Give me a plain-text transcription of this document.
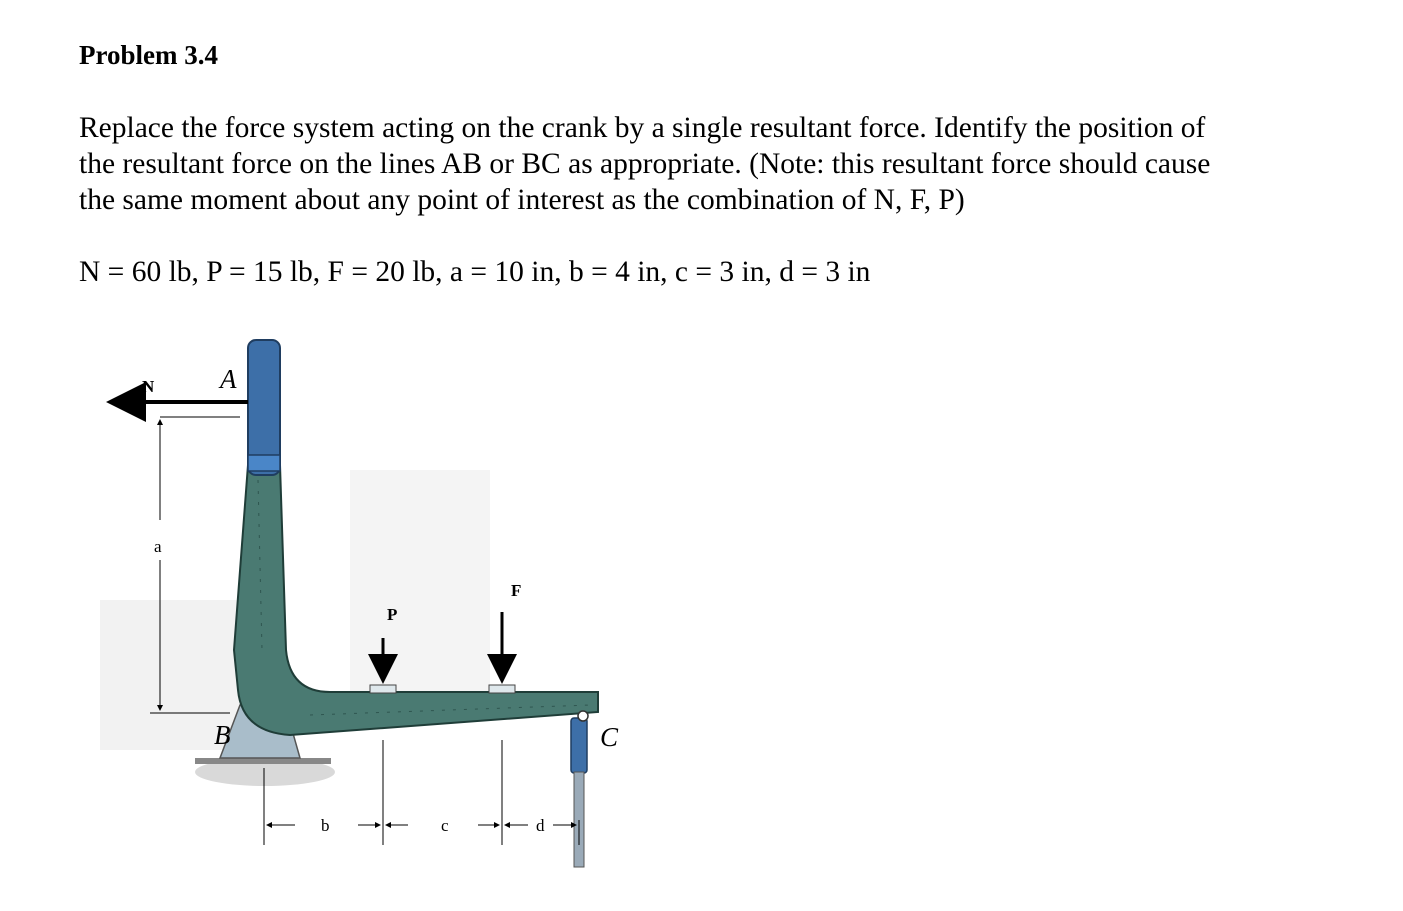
Problem 3.4
Replace the force system acting on the crank by a single resultant force. Identify the position of
the resultant force on the lines AB or BC as appropriate. (Note: this resultant force should cause
the same moment about any point of interest as the combination of N, F, P)
N = 60 lb, P = 15 lb, F = 20 lb, a = 10 in, b = 4 in, c = 3 in, d = 3 in
N A
a
P
F
B	C
b	c	d
